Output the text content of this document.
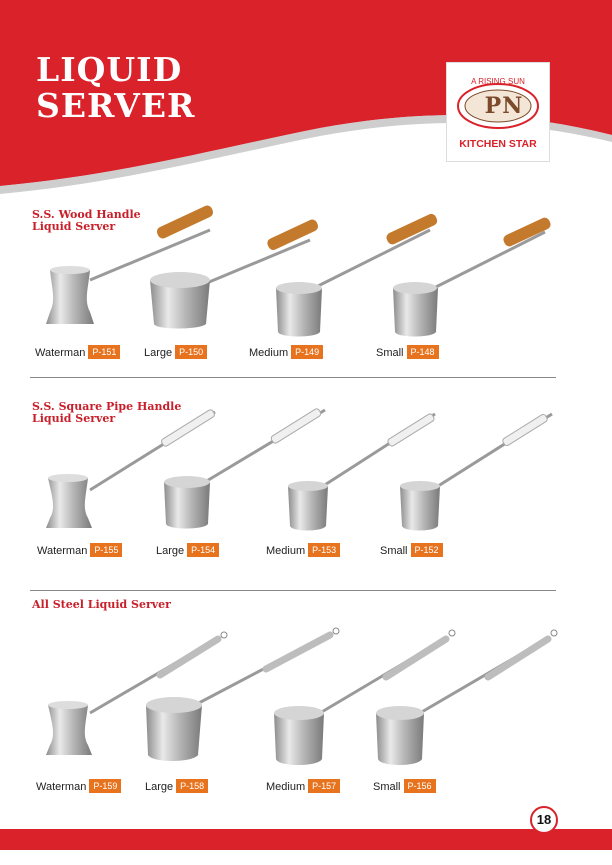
LIQUID
SERVER
A RISING SUN
PN
KITCHEN STAR
S.S. Wood Handle
Liquid Server
Waterman P-151	Large P-150	Medium P-149	Small P-148
S.S. Square Pipe Handle
Liquid Server
Waterman P-155	Large P-154	Medium P-153	Small P-152
All Steel Liquid Server
Waterman P-159	Large P-158	Medium P-157	Small P-156
18
